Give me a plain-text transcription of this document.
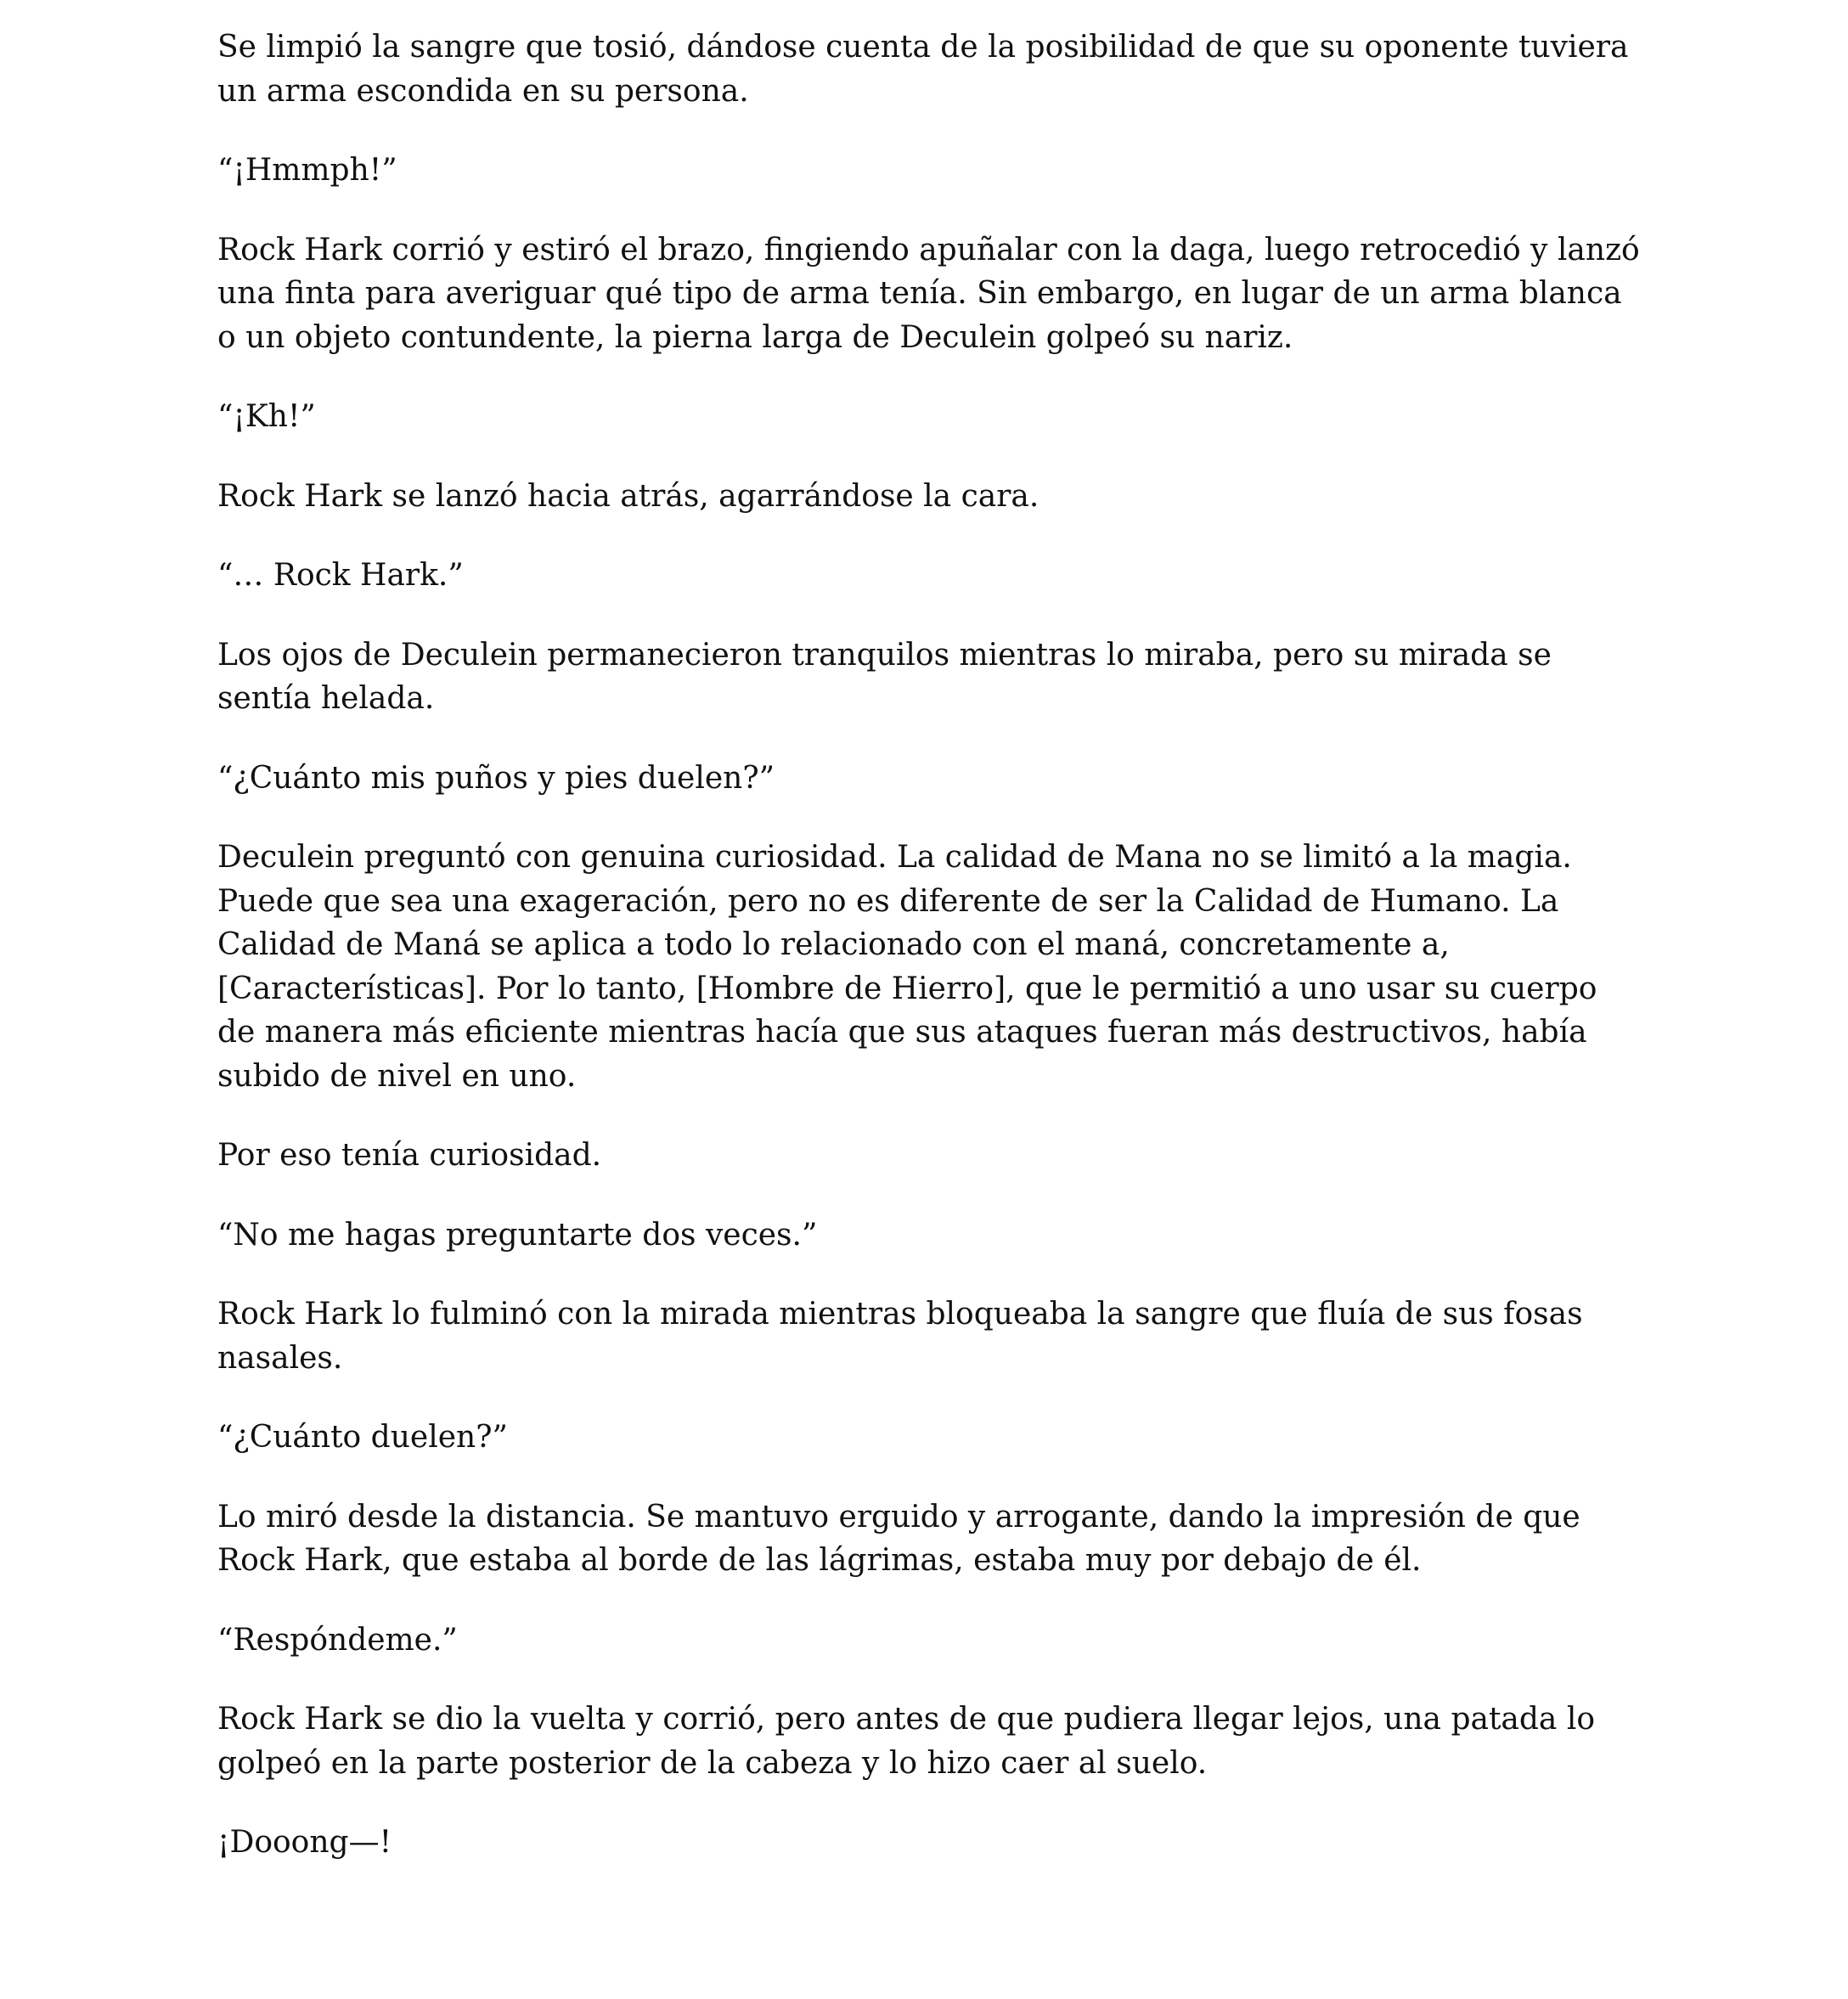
Se limpió la sangre que tosió, dándose cuenta de la posibilidad de que su oponente tuviera un arma escondida en su persona.

“¡Hmmph!”

Rock Hark corrió y estiró el brazo, fingiendo apuñalar con la daga, luego retrocedió y lanzó una finta para averiguar qué tipo de arma tenía. Sin embargo, en lugar de un arma blanca o un objeto contundente, la pierna larga de Deculein golpeó su nariz.

“¡Kh!”

Rock Hark se lanzó hacia atrás, agarrándose la cara.

“… Rock Hark.”

Los ojos de Deculein permanecieron tranquilos mientras lo miraba, pero su mirada se sentía helada.

“¿Cuánto mis puños y pies duelen?”

Deculein preguntó con genuina curiosidad. La calidad de Mana no se limitó a la magia. Puede que sea una exageración, pero no es diferente de ser la Calidad de Humano. La Calidad de Maná se aplica a todo lo relacionado con el maná, concretamente a, [Características]. Por lo tanto, [Hombre de Hierro], que le permitió a uno usar su cuerpo de manera más eficiente mientras hacía que sus ataques fueran más destructivos, había subido de nivel en uno.

Por eso tenía curiosidad.

“No me hagas preguntarte dos veces.”

Rock Hark lo fulminó con la mirada mientras bloqueaba la sangre que fluía de sus fosas nasales.

“¿Cuánto duelen?”

Lo miró desde la distancia. Se mantuvo erguido y arrogante, dando la impresión de que Rock Hark, que estaba al borde de las lágrimas, estaba muy por debajo de él.

“Respóndeme.”

Rock Hark se dio la vuelta y corrió, pero antes de que pudiera llegar lejos, una patada lo golpeó en la parte posterior de la cabeza y lo hizo caer al suelo.

¡Dooong—!
